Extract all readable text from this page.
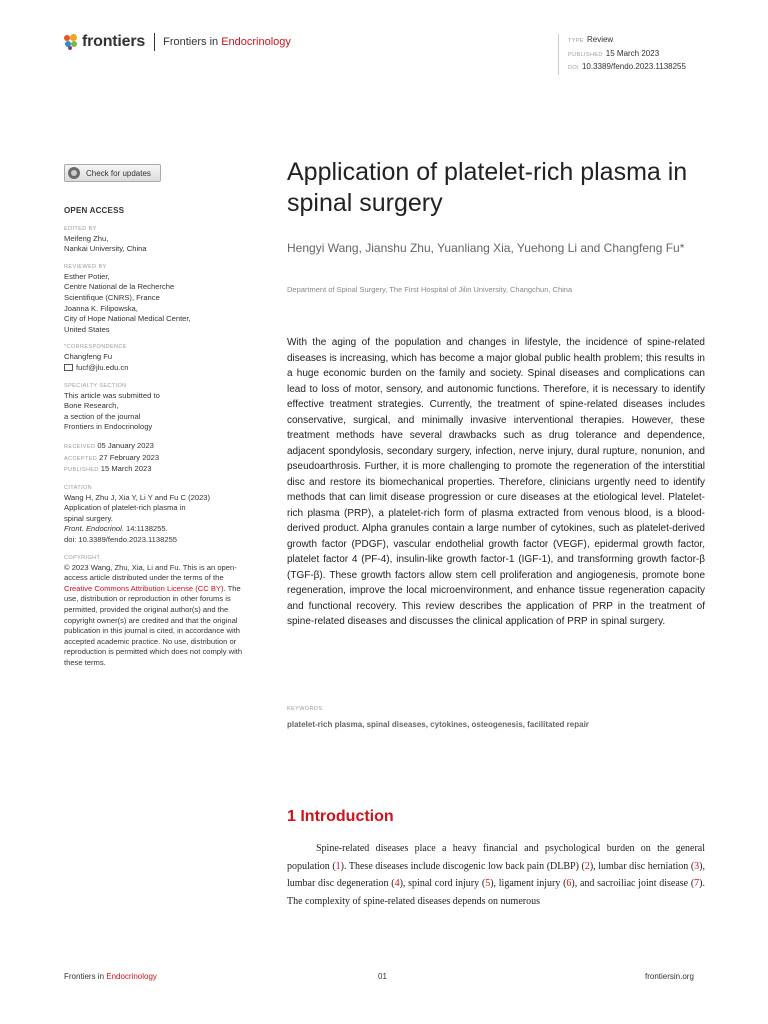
frontiers Frontiers in Endocrinology	TYPE Review
PUBLISHED 15 March 2023
DOI 10.3389/fendo.2023.1138255
Check for updates
OPEN ACCESS
EDITED BY
Meifeng Zhu,
Nankai University, China
REVIEWED BY
Esther Potier,
Centre National de la Recherche
Scientifique (CNRS), France
Joanna K. Filipowska,
City of Hope National Medical Center,
United States
*CORRESPONDENCE
Changfeng Fu
fucf@jlu.edu.cn
SPECIALTY SECTION
This article was submitted to
Bone Research,
a section of the journal
Frontiers in Endocrinology
RECEIVED 05 January 2023
ACCEPTED 27 February 2023
PUBLISHED 15 March 2023
CITATION
Wang H, Zhu J, Xia Y, Li Y and Fu C (2023)
Application of platelet-rich plasma in
spinal surgery.
Front. Endocrinol. 14:1138255.
doi: 10.3389/fendo.2023.1138255
COPYRIGHT
© 2023 Wang, Zhu, Xia, Li and Fu. This is an open-access article distributed under the terms of the Creative Commons Attribution License (CC BY). The use, distribution or reproduction in other forums is permitted, provided the original author(s) and the copyright owner(s) are credited and that the original publication in this journal is cited, in accordance with accepted academic practice. No use, distribution or reproduction is permitted which does not comply with these terms.
Application of platelet-rich plasma in spinal surgery
Hengyi Wang, Jianshu Zhu, Yuanliang Xia, Yuehong Li and Changfeng Fu*
Department of Spinal Surgery, The First Hospital of Jilin University, Changchun, China

With the aging of the population and changes in lifestyle, the incidence of spine-related diseases is increasing, which has become a major global public health problem; this results in a huge economic burden on the family and society. Spinal diseases and complications can lead to loss of motor, sensory, and autonomic functions. Therefore, it is necessary to identify effective treatment strategies. Currently, the treatment of spine-related diseases includes conservative, surgical, and minimally invasive interventional therapies. However, these treatment methods have several drawbacks such as drug tolerance and dependence, adjacent spondylosis, secondary surgery, infection, nerve injury, dural rupture, nonunion, and pseudoarthrosis. Further, it is more challenging to promote the regeneration of the interstitial disc and restore its biomechanical properties. Therefore, clinicians urgently need to identify methods that can limit disease progression or cure diseases at the etiological level. Platelet-rich plasma (PRP), a platelet-rich form of plasma extracted from venous blood, is a blood-derived product. Alpha granules contain a large number of cytokines, such as platelet-derived growth factor (PDGF), vascular endothelial growth factor (VEGF), epidermal growth factor, platelet factor 4 (PF-4), insulin-like growth factor-1 (IGF-1), and transforming growth factor-β (TGF-β). These growth factors allow stem cell proliferation and angiogenesis, promote bone regeneration, improve the local microenvironment, and enhance tissue regeneration capacity and functional recovery. This review describes the application of PRP in the treatment of spine-related diseases and discusses the clinical application of PRP in spinal surgery.

KEYWORDS
platelet-rich plasma, spinal diseases, cytokines, osteogenesis, facilitated repair
1 Introduction

Spine-related diseases place a heavy financial and psychological burden on the general population (1). These diseases include discogenic low back pain (DLBP) (2), lumbar disc herniation (3), lumbar disc degeneration (4), spinal cord injury (5), ligament injury (6), and sacroiliac joint disease (7). The complexity of spine-related diseases depends on numerous

Frontiers in Endocrinology	01	frontiersin.org
